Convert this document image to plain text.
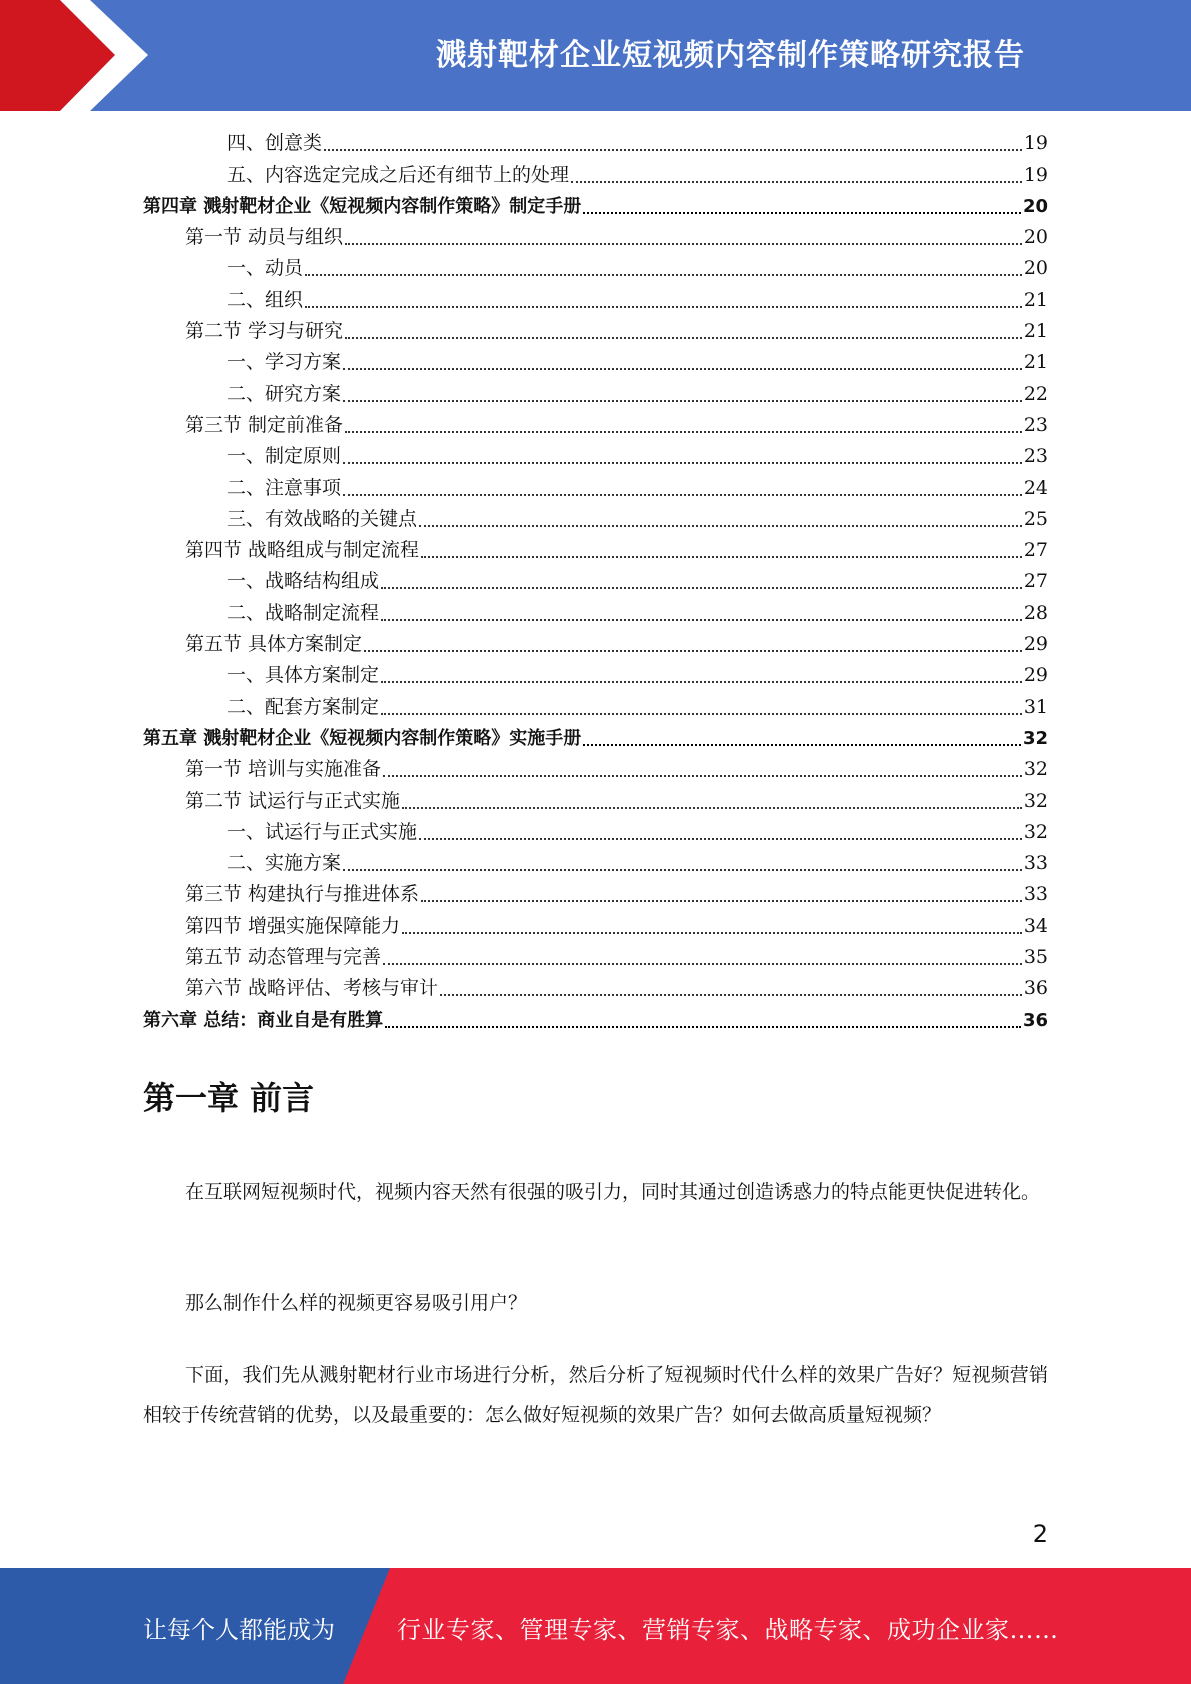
溅射靶材企业短视频内容制作策略研究报告
四、创意类	19
五、内容选定完成之后还有细节上的处理	19
第四章 溅射靶材企业《短视频内容制作策略》制定手册	20
第一节 动员与组织	20
一、动员	20
二、组织	21
第二节 学习与研究	21
一、学习方案	21
二、研究方案	22
第三节 制定前准备	23
一、制定原则	23
二、注意事项	24
三、有效战略的关键点	25
第四节 战略组成与制定流程	27
一、战略结构组成	27
二、战略制定流程	28
第五节 具体方案制定	29
一、具体方案制定	29
二、配套方案制定	31
第五章 溅射靶材企业《短视频内容制作策略》实施手册	32
第一节 培训与实施准备	32
第二节 试运行与正式实施	32
一、试运行与正式实施	32
二、实施方案	33
第三节 构建执行与推进体系	33
第四节 增强实施保障能力	34
第五节 动态管理与完善	35
第六节 战略评估、考核与审计	36
第六章 总结：商业自是有胜算	36
第一章 前言
在互联网短视频时代，视频内容天然有很强的吸引力，同时其通过创造诱惑力的特点能更快促进转化。
那么制作什么样的视频更容易吸引用户？
下面，我们先从溅射靶材行业市场进行分析，然后分析了短视频时代什么样的效果广告好？短视频营销相较于传统营销的优势，以及最重要的：怎么做好短视频的效果广告？如何去做高质量短视频？
2
让每个人都能成为	行业专家、管理专家、营销专家、战略专家、成功企业家……
